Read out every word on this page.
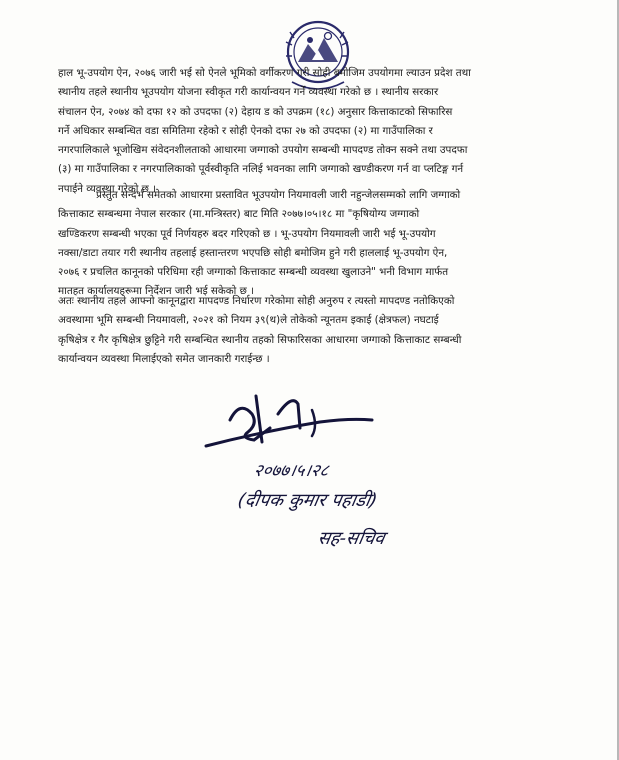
हाल भू-उपयोग ऐन, २०७६ जारी भई सो ऐनले भूमिको वर्गीकरण गरी सोही बमोजिम उपयोगमा ल्याउन प्रदेश तथा
स्थानीय तहले स्थानीय भूउपयोग योजना स्वीकृत गरी कार्यान्वयन गर्ने व्यवस्था गरेको छ । स्थानीय सरकार
संचालन ऐन, २०७४ को दफा १२ को उपदफा (२) देहाय ड को उपक्रम (१८) अनुसार कित्ताकाटको सिफारिस
गर्ने अधिकार सम्बन्धित वडा समितिमा रहेको र सोही ऐनको दफा २७ को उपदफा (२) मा गाउँपालिका र
नगरपालिकाले भूजोखिम संवेदनशीलताको आधारमा जग्गाको उपयोग सम्बन्धी मापदण्ड तोक्न सक्ने तथा उपदफा
(३) मा गाउँपालिका र नगरपालिकाको पूर्वस्वीकृति नलिई भवनका लागि जग्गाको खण्डीकरण गर्न वा प्लटिङ्ग गर्न
नपाईने व्यवस्था गरेको छ ।
प्रस्तुत सन्दर्भ समेतको आधारमा प्रस्तावित भूउपयोग नियमावली जारी नहुन्जेलसम्मको लागि जग्गाको
कित्ताकाट सम्बन्धमा नेपाल सरकार (मा.मन्त्रिस्तर) बाट मिति २०७७।०५।१८ मा "कृषियोग्य जग्गाको
खण्डिकरण सम्बन्धी भएका पूर्व निर्णयहरु बदर गरिएको छ । भू-उपयोग नियमावली जारी भई भू-उपयोग
नक्सा/डाटा तयार गरी स्थानीय तहलाई हस्तान्तरण भएपछि सोही बमोजिम हुने गरी हाललाई भू-उपयोग ऐन,
२०७६ र प्रचलित कानूनको परिधिमा रही जग्गाको कित्ताकाट सम्बन्धी व्यवस्था खुलाउने" भनी विभाग मार्फत
मातहत कार्यालयहरूमा निर्देशन जारी भई सकेको छ ।
अतः स्थानीय तहले आफ्नो कानूनद्वारा मापदण्ड निर्धारण गरेकोमा सोही अनुरुप र त्यस्तो मापदण्ड नतोकिएको
अवस्थामा भूमि सम्बन्धी नियमावली, २०२१ को नियम ३९(थ)ले तोकेको न्यूनतम इकाई (क्षेत्रफल) नघटाई
कृषिक्षेत्र र गैर कृषिक्षेत्र छुट्टिने गरी सम्बन्धित स्थानीय तहको सिफारिसका आधारमा जग्गाको कित्ताकाट सम्बन्धी
कार्यान्वयन व्यवस्था मिलाईएको समेत जानकारी गराईन्छ ।
२०७७।५।२८
(दीपक कुमार पहाडी)
सह-सचिव
